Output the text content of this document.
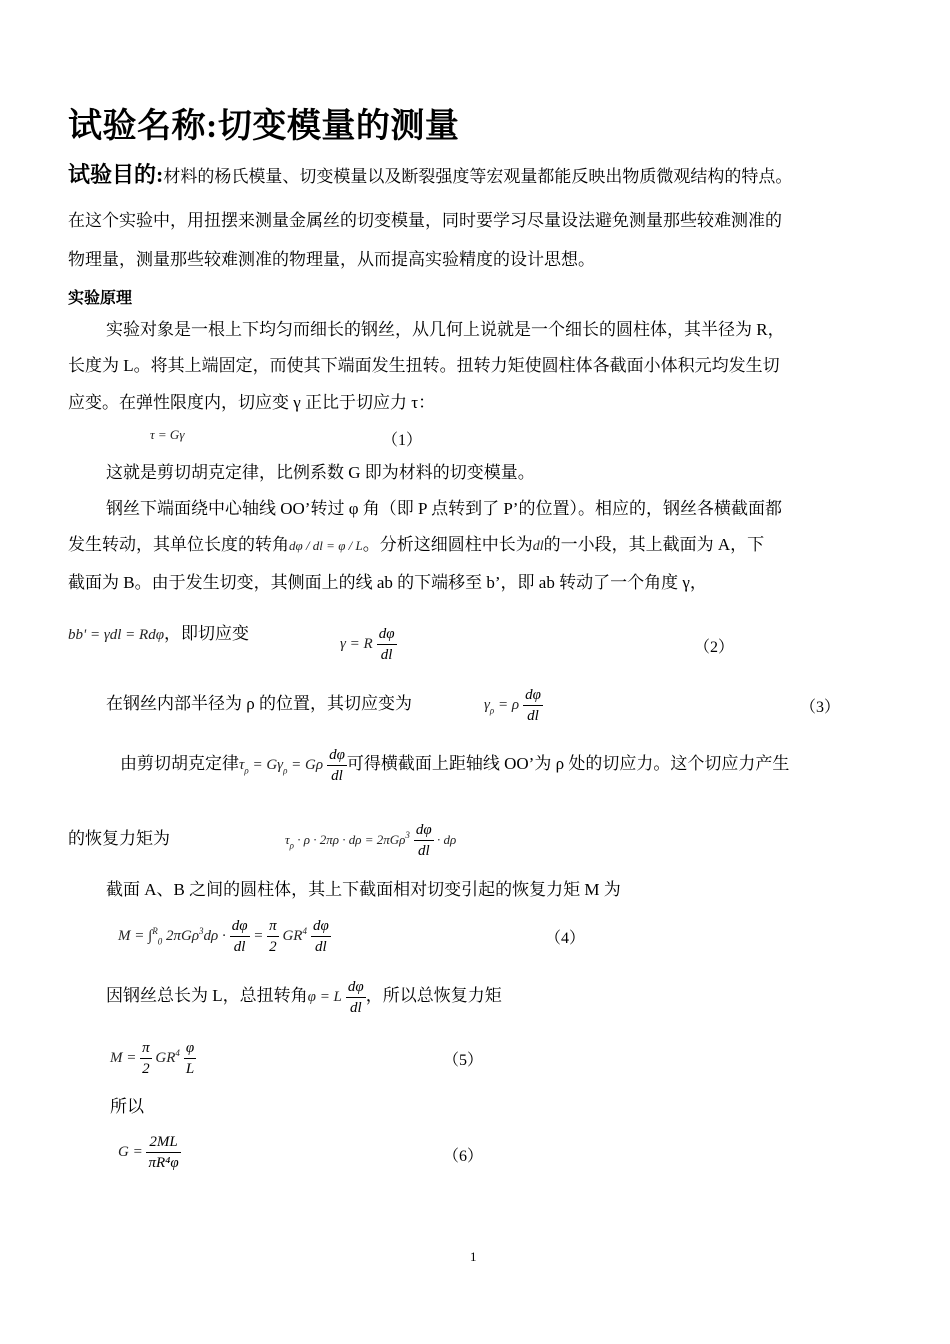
试验名称:切变模量的测量
试验目的:材料的杨氏模量、切变模量以及断裂强度等宏观量都能反映出物质微观结构的特点。
在这个实验中，用扭摆来测量金属丝的切变模量，同时要学习尽量设法避免测量那些较难测准的
物理量，测量那些较难测准的物理量，从而提高实验精度的设计思想。
实验原理
实验对象是一根上下均匀而细长的钢丝，从几何上说就是一个细长的圆柱体，其半径为 R，
长度为 L。将其上端固定，而使其下端面发生扭转。扭转力矩使圆柱体各截面小体积元均发生切
应变。在弹性限度内，切应变 γ 正比于切应力 τ：
τ = Gγ	（1）
这就是剪切胡克定律，比例系数 G 即为材料的切变模量。
钢丝下端面绕中心轴线 OO’转过 φ 角（即 P 点转到了 P’的位置）。相应的，钢丝各横截面都
发生转动，其单位长度的转角dφ / dl = φ / L。分析这细圆柱中长为dl的一小段，其上截面为 A，下
截面为 B。由于发生切变，其侧面上的线 ab 的下端移至 b’，即 ab 转动了一个角度 γ，
bb' = γdl = Rdφ，即切应变
γ = R $\frac{d\varphi}{dl}$	（2）
在钢丝内部半径为 ρ 的位置，其切应变为	$\gamma_\rho = \rho \frac{d\varphi}{dl}$	（3）
由剪切胡克定律$\tau_\rho = G\gamma_\rho = G\rho \frac{d\varphi}{dl}$ 可得横截面上距轴线 OO’为 ρ 处的切应力。这个切应力产生
的恢复力矩为	$\tau_\rho \cdot \rho \cdot 2\pi\rho \cdot d\rho = 2\pi G\rho^3 \frac{d\varphi}{dl} \cdot d\rho$
截面 A、B 之间的圆柱体，其上下截面相对切变引起的恢复力矩 M 为
M = ∫$^R_0$ $2\pi G\rho^3d\rho \cdot \frac{d\varphi}{dl} = \frac{\pi}{2} GR^4 \frac{d\varphi}{dl}$	（4）
因钢丝总长为 L，总扭转角φ = L $\frac{d\varphi}{dl}$ ，所以总恢复力矩
$M = \frac{\pi}{2} GR^4 \frac{\varphi}{L}$	（5）
所以
$G = \frac{2ML}{\text{πR⁴φ}}$	（6）
1
